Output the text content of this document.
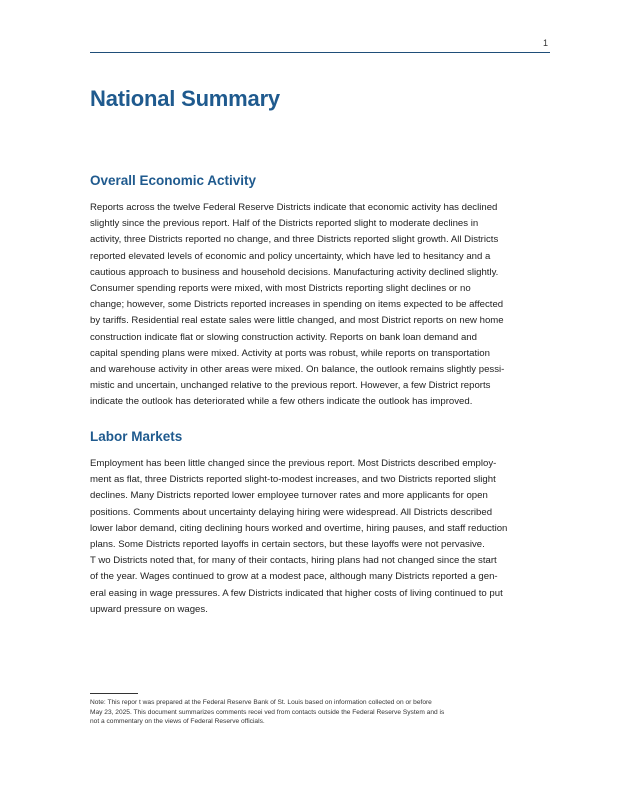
1
National Summary
Overall Economic Activity
Reports across the twelve Federal Reserve Districts indicate that economic activity has declined
slightly since the previous report. Half of the Districts reported slight to moderate declines in
activity, three Districts reported no change, and three Districts reported slight growth. All Districts
reported elevated levels of economic and policy uncertainty, which have led to hesitancy and a
cautious approach to business and household decisions. Manufacturing activity declined slightly.
Consumer spending reports were mixed, with most Districts reporting slight declines or no
change; however, some Districts reported increases in spending on items expected to be affected
by tariffs. Residential real estate sales were little changed, and most District reports on new home
construction indicate flat or slowing construction activity. Reports on bank loan demand and
capital spending plans were mixed. Activity at ports was robust, while reports on transportation
and warehouse activity in other areas were mixed. On balance, the outlook remains slightly pessi-
mistic and uncertain, unchanged relative to the previous report. However, a few District reports
indicate the outlook has deteriorated while a few others indicate the outlook has improved.
Labor Markets
Employment has been little changed since the previous report. Most Districts described employ-
ment as flat, three Districts reported slight-to-modest increases, and two Districts reported slight
declines. Many Districts reported lower employee turnover rates and more applicants for open
positions. Comments about uncertainty delaying hiring were widespread. All Districts described
lower labor demand, citing declining hours worked and overtime, hiring pauses, and staff reduction
plans. Some Districts reported layoffs in certain sectors, but these layoffs were not pervasive.
T wo Districts noted that, for many of their contacts, hiring plans had not changed since the start
of the year. Wages continued to grow at a modest pace, although many Districts reported a gen-
eral easing in wage pressures. A few Districts indicated that higher costs of living continued to put
upward pressure on wages.
Note: This repor t was prepared at the Federal Reserve Bank of St. Louis based on information collected on or before
May 23, 2025. This document summarizes comments recei ved from contacts outside the Federal Reserve System and is
not a commentary on the views of Federal Reserve officials.
